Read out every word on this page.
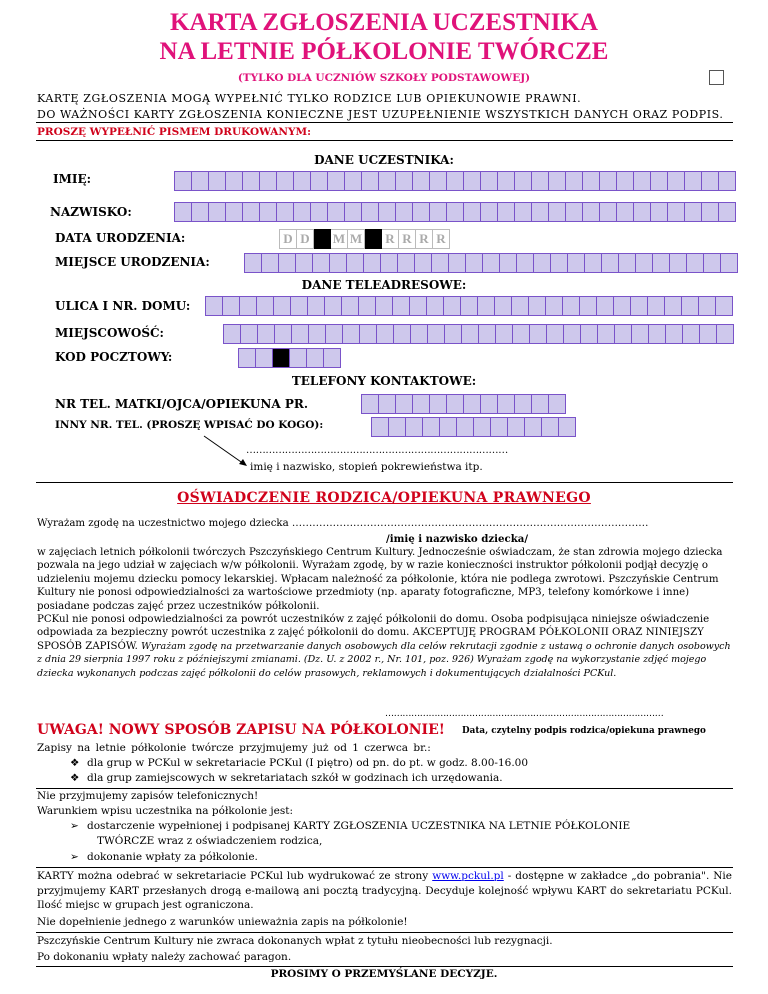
KARTA ZGŁOSZENIA UCZESTNIKA
NA LETNIE PÓŁKOLONIE TWÓRCZE
(TYLKO DLA UCZNIÓW SZKOŁY PODSTAWOWEJ)
KARTĘ ZGŁOSZENIA MOGĄ WYPEŁNIĆ TYLKO RODZICE LUB OPIEKUNOWIE PRAWNI.
DO WAŻNOŚCI KARTY ZGŁOSZENIA KONIECZNE JEST UZUPEŁNIENIE WSZYSTKICH DANYCH ORAZ PODPIS.
PROSZĘ WYPEŁNIĆ PISMEM DRUKOWANYM:
DANE UCZESTNIKA:
IMIĘ:
NAZWISKO:
DATA URODZENIA:	D D	M M R R R R
MIEJSCE URODZENIA:
DANE TELEADRESOWE:
ULICA I NR. DOMU:
MIEJSCOWOŚĆ:
KOD POCZTOWY:
TELEFONY KONTAKTOWE:
NR TEL. MATKI/OJCA/OPIEKUNA PR.
INNY NR. TEL. (PROSZĘ WPISAĆ DO KOGO):
………………………………………………………………………
imię i nazwisko, stopień pokrewieństwa itp.
OŚWIADCZENIE RODZICA/OPIEKUNA PRAWNEGO
Wyrażam zgodę na uczestnictwo mojego dziecka ……………………………………………………………………………………………
/imię i nazwisko dziecka/
w zajęciach letnich półkolonii twórczych Pszczyńskiego Centrum Kultury. Jednocześnie oświadczam, że stan zdrowia mojego dziecka pozwala na jego udział w zajęciach w/w półkolonii. Wyrażam zgodę, by w razie konieczności instruktor półkolonii podjął decyzję o udzieleniu mojemu dziecku pomocy lekarskiej. Wpłacam należność za półkolonie, która nie podlega zwrotowi. Pszczyńskie Centrum Kultury nie ponosi odpowiedzialności za wartościowe przedmioty (np. aparaty fotograficzne, MP3, telefony komórkowe i inne) posiadane podczas zajęć przez uczestników półkolonii.
PCKul nie ponosi odpowiedzialności za powrót uczestników z zajęć półkolonii do domu. Osoba podpisująca niniejsze oświadczenie odpowiada za bezpieczny powrót uczestnika z zajęć półkolonii do domu. AKCEPTUJĘ PROGRAM PÓŁKOLONII ORAZ NINIEJSZY SPOSÓB ZAPISÓW. Wyrażam zgodę na przetwarzanie danych osobowych dla celów rekrutacji zgodnie z ustawą o ochronie danych osobowych z dnia 29 sierpnia 1997 roku z późniejszymi zmianami. (Dz. U. z 2002 r., Nr. 101, poz. 926) Wyrażam zgodę na wykorzystanie zdjęć mojego dziecka wykonanych podczas zajęć półkolonii do celów prasowych, reklamowych i dokumentujących działalności PCKul.
……………………………………………………………………………………
UWAGA! NOWY SPOSÓB ZAPISU NA PÓŁKOLONIE! Data, czytelny podpis rodzica/opiekuna prawnego
Zapisy na letnie półkolonie twórcze przyjmujemy już od 1 czerwca br.:
❖ dla grup w PCKul w sekretariacie PCKul (I piętro) od pn. do pt. w godz. 8.00-16.00
❖ dla grup zamiejscowych w sekretariatach szkół w godzinach ich urzędowania.
Nie przyjmujemy zapisów telefonicznych!
Warunkiem wpisu uczestnika na półkolonie jest:
➢ dostarczenie wypełnionej i podpisanej KARTY ZGŁOSZENIA UCZESTNIKA NA LETNIE PÓŁKOLONIE
TWÓRCZE wraz z oświadczeniem rodzica,
➢ dokonanie wpłaty za półkolonie.
KARTY można odebrać w sekretariacie PCKul lub wydrukować ze strony www.pckul.pl - dostępne w zakładce „do pobrania". Nie przyjmujemy KART przesłanych drogą e-mailową ani pocztą tradycyjną. Decyduje kolejność wpływu KART do sekretariatu PCKul. Ilość miejsc w grupach jest ograniczona.
Nie dopełnienie jednego z warunków unieważnia zapis na półkolonie!
Pszczyńskie Centrum Kultury nie zwraca dokonanych wpłat z tytułu nieobecności lub rezygnacji.
Po dokonaniu wpłaty należy zachować paragon.
PROSIMY O PRZEMYŚLANE DECYZJE.
